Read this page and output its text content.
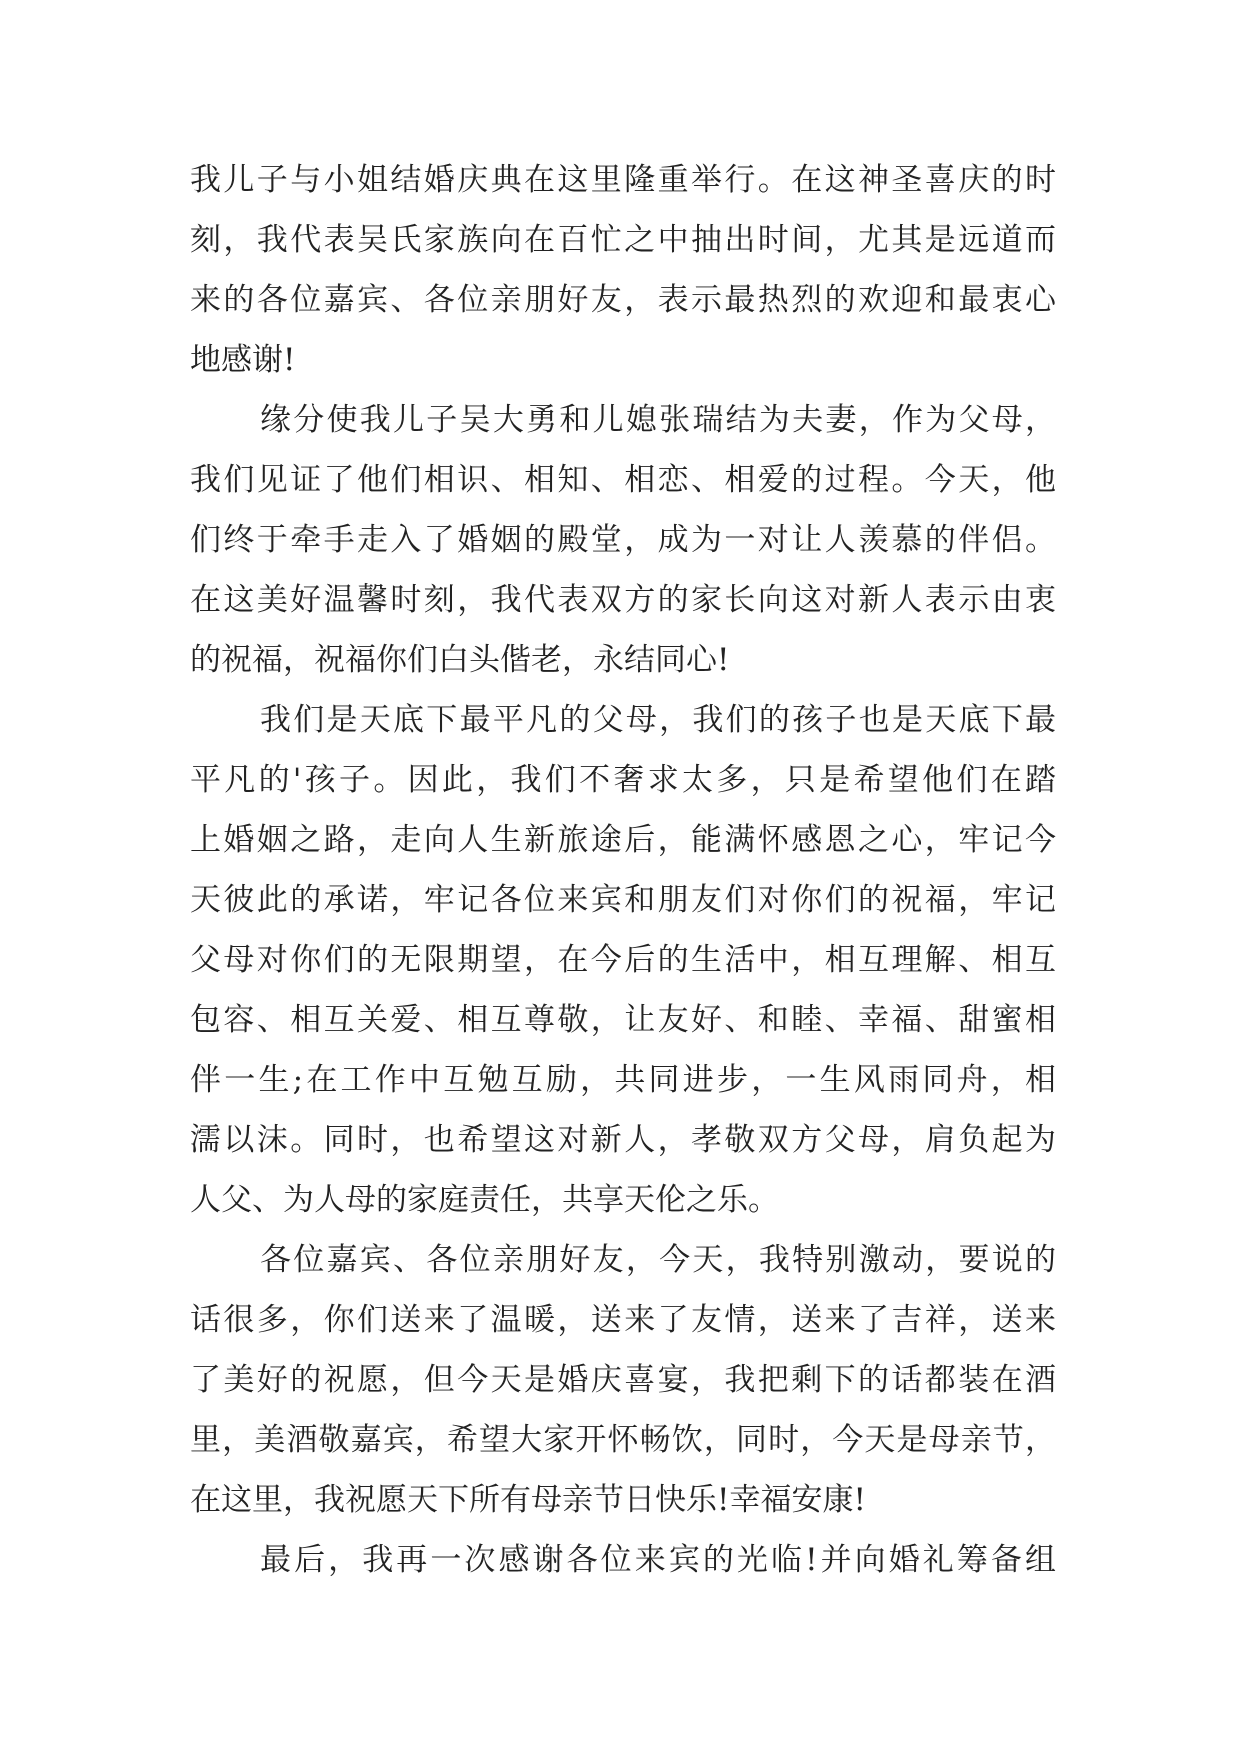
我儿子与小姐结婚庆典在这里隆重举行。在这神圣喜庆的时
刻，我代表吴氏家族向在百忙之中抽出时间，尤其是远道而
来的各位嘉宾、各位亲朋好友，表示最热烈的欢迎和最衷心
地感谢!
缘分使我儿子吴大勇和儿媳张瑞结为夫妻，作为父母，
我们见证了他们相识、相知、相恋、相爱的过程。今天，他
们终于牵手走入了婚姻的殿堂，成为一对让人羡慕的伴侣。
在这美好温馨时刻，我代表双方的家长向这对新人表示由衷
的祝福，祝福你们白头偕老，永结同心!
我们是天底下最平凡的父母，我们的孩子也是天底下最
平凡的'孩子。因此，我们不奢求太多，只是希望他们在踏
上婚姻之路，走向人生新旅途后，能满怀感恩之心，牢记今
天彼此的承诺，牢记各位来宾和朋友们对你们的祝福，牢记
父母对你们的无限期望，在今后的生活中，相互理解、相互
包容、相互关爱、相互尊敬，让友好、和睦、幸福、甜蜜相
伴一生;在工作中互勉互励，共同进步，一生风雨同舟，相
濡以沫。同时，也希望这对新人，孝敬双方父母，肩负起为
人父、为人母的家庭责任，共享天伦之乐。
各位嘉宾、各位亲朋好友，今天，我特别激动，要说的
话很多，你们送来了温暖，送来了友情，送来了吉祥，送来
了美好的祝愿，但今天是婚庆喜宴，我把剩下的话都装在酒
里，美酒敬嘉宾，希望大家开怀畅饮，同时，今天是母亲节，
在这里，我祝愿天下所有母亲节日快乐!幸福安康!
最后，我再一次感谢各位来宾的光临!并向婚礼筹备组
